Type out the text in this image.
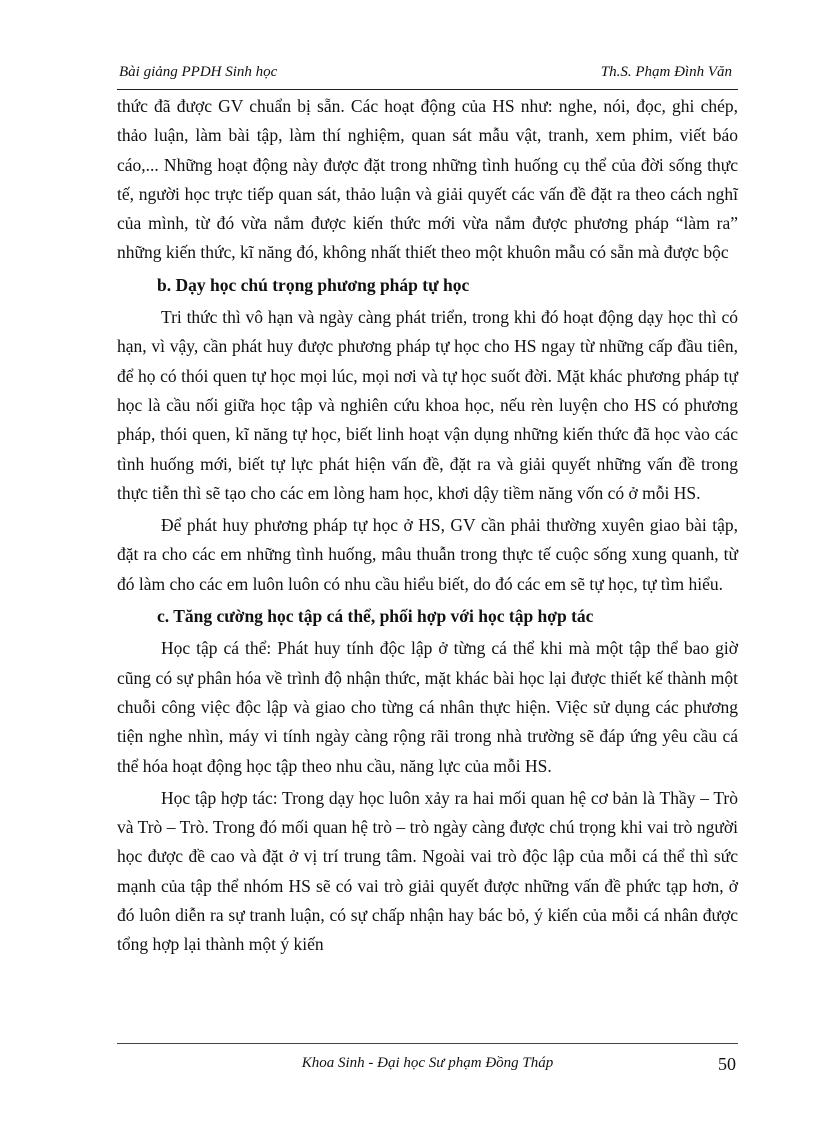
Bài giảng PPDH Sinh học	Th.S. Phạm Đình Văn

thức đã được GV chuẩn bị sẵn. Các hoạt động của HS như: nghe, nói, đọc, ghi chép, thảo luận, làm bài tập, làm thí nghiệm, quan sát mẫu vật, tranh, xem phim, viết báo cáo,... Những hoạt động này được đặt trong những tình huống cụ thể của đời sống thực tế, người học trực tiếp quan sát, thảo luận và giải quyết các vấn đề đặt ra theo cách nghĩ của mình, từ đó vừa nắm được kiến thức mới vừa nắm được phương pháp “làm ra” những kiến thức, kĩ năng đó, không nhất thiết theo một khuôn mẫu có sẵn mà được bộc

b. Dạy học chú trọng phương pháp tự học

Tri thức thì vô hạn và ngày càng phát triển, trong khi đó hoạt động dạy học thì có hạn, vì vậy, cần phát huy được phương pháp tự học cho HS ngay từ những cấp đầu tiên, để họ có thói quen tự học mọi lúc, mọi nơi và tự học suốt đời. Mặt khác phương pháp tự học là cầu nối giữa học tập và nghiên cứu khoa học, nếu rèn luyện cho HS có phương pháp, thói quen, kĩ năng tự học, biết linh hoạt vận dụng những kiến thức đã học vào các tình huống mới, biết tự lực phát hiện vấn đề, đặt ra và giải quyết những vấn đề trong thực tiễn thì sẽ tạo cho các em lòng ham học, khơi dậy tiềm năng vốn có ở mỗi HS.

Để phát huy phương pháp tự học ở HS, GV cần phải thường xuyên giao bài tập, đặt ra cho các em những tình huống, mâu thuẫn trong thực tế cuộc sống xung quanh, từ đó làm cho các em luôn luôn có nhu cầu hiểu biết, do đó các em sẽ tự học, tự tìm hiểu.

c. Tăng cường học tập cá thể, phối hợp với học tập hợp tác

Học tập cá thể: Phát huy tính độc lập ở từng cá thể khi mà một tập thể bao giờ cũng có sự phân hóa về trình độ nhận thức, mặt khác bài học lại được thiết kế thành một chuỗi công việc độc lập và giao cho từng cá nhân thực hiện. Việc sử dụng các phương tiện nghe nhìn, máy vi tính ngày càng rộng rãi trong nhà trường sẽ đáp ứng yêu cầu cá thể hóa hoạt động học tập theo nhu cầu, năng lực của mỗi HS.

Học tập hợp tác: Trong dạy học luôn xảy ra hai mối quan hệ cơ bản là Thầy – Trò và Trò – Trò. Trong đó mối quan hệ trò – trò ngày càng được chú trọng khi vai trò người học được đề cao và đặt ở vị trí trung tâm. Ngoài vai trò độc lập của mỗi cá thể thì sức mạnh của tập thể nhóm HS sẽ có vai trò giải quyết được những vấn đề phức tạp hơn, ở đó luôn diễn ra sự tranh luận, có sự chấp nhận hay bác bỏ, ý kiến của mỗi cá nhân được tổng hợp lại thành một ý kiến

Khoa Sinh - Đại học Sư phạm Đồng Tháp	50
